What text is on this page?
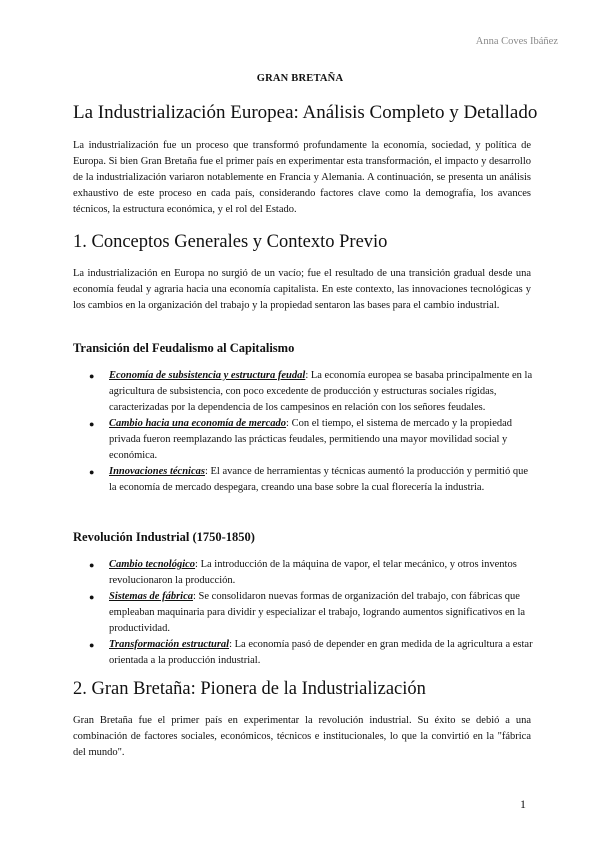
Anna Coves Ibáñez
GRAN BRETAÑA
La Industrialización Europea: Análisis Completo y Detallado

La industrialización fue un proceso que transformó profundamente la economía, sociedad, y política de Europa. Si bien Gran Bretaña fue el primer país en experimentar esta transformación, el impacto y desarrollo de la industrialización variaron notablemente en Francia y Alemania. A continuación, se presenta un análisis exhaustivo de este proceso en cada país, considerando factores clave como la demografía, los avances técnicos, la estructura económica, y el rol del Estado.

1. Conceptos Generales y Contexto Previo

La industrialización en Europa no surgió de un vacío; fue el resultado de una transición gradual desde una economía feudal y agraria hacia una economía capitalista. En este contexto, las innovaciones tecnológicas y los cambios en la organización del trabajo y la propiedad sentaron las bases para el cambio industrial.

Transición del Feudalismo al Capitalismo
● Economía de subsistencia y estructura feudal: La economía europea se basaba principalmente en la agricultura de subsistencia, con poco excedente de producción y estructuras sociales rígidas, caracterizadas por la dependencia de los campesinos en relación con los señores feudales.
● Cambio hacia una economía de mercado: Con el tiempo, el sistema de mercado y la propiedad privada fueron reemplazando las prácticas feudales, permitiendo una mayor movilidad social y económica.
● Innovaciones técnicas: El avance de herramientas y técnicas aumentó la producción y permitió que la economía de mercado despegara, creando una base sobre la cual florecería la industria.
Revolución Industrial (1750-1850)
● Cambio tecnológico: La introducción de la máquina de vapor, el telar mecánico, y otros inventos revolucionaron la producción.
● Sistemas de fábrica: Se consolidaron nuevas formas de organización del trabajo, con fábricas que empleaban maquinaria para dividir y especializar el trabajo, logrando aumentos significativos en la productividad.
● Transformación estructural: La economía pasó de depender en gran medida de la agricultura a estar orientada a la producción industrial.
2. Gran Bretaña: Pionera de la Industrialización

Gran Bretaña fue el primer país en experimentar la revolución industrial. Su éxito se debió a una combinación de factores sociales, económicos, técnicos e institucionales, lo que la convirtió en la "fábrica del mundo".

1
